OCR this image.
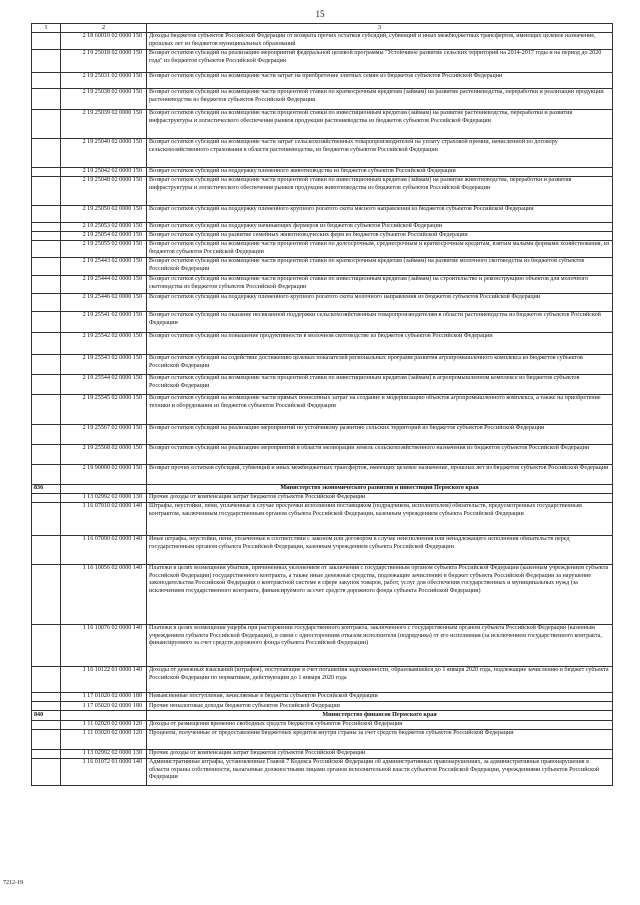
15
1	2	3
	2 18 60010 02 0000 150	Доходы бюджетов субъектов Российской Федерации от возврата прочих остатков субсидий, субвенций и иных межбюджетных трансфертов, имеющих целевое назначение, прошлых лет из бюджетов муниципальных образований
	2 19 25018 02 0000 150	Возврат остатков субсидий на реализацию мероприятий федеральной целевой программы "Устойчивое развитие сельских территорий на 2014-2017 годы и на период до 2020 года" из бюджетов субъектов Российской Федерации
	2 19 25031 02 0000 150	Возврат остатков субсидий на возмещение части затрат на приобретение элитных семян из бюджетов субъектов Российской Федерации
	2 19 25038 02 0000 150	Возврат остатков субсидий на возмещение части процентной ставки по краткосрочным кредитам (займам) на развитие растениеводства, переработки и реализации продукции растениеводства из бюджетов субъектов Российской Федерации
	2 19 25039 02 0000 150	Возврат остатков субсидий на возмещение части процентной ставки по инвестиционным кредитам (займам) на развитие растениеводства, переработки и развития инфраструктуры и логистического обеспечения рынков продукции растениеводства из бюджетов субъектов Российской Федерации
	2 19 25040 02 0000 150	Возврат остатков субсидий на возмещение части затрат сельскохозяйственных товаропроизводителей на уплату страховой премии, начисленной по договору сельскохозяйственного страхования в области растениеводства, из бюджетов субъектов Российской Федерации
	2 19 25042 02 0000 150	Возврат остатков субсидий на поддержку племенного животноводства из бюджетов субъектов Российской Федерации
	2 19 25048 02 0000 150	Возврат остатков субсидий на возмещение части процентной ставки по инвестиционным кредитам (займам) на развитие животноводства, переработки и развития инфраструктуры и логистического обеспечения рынков продукции животноводства из бюджетов субъектов Российской Федерации
	2 19 25050 02 0000 150	Возврат остатков субсидий на поддержку племенного крупного рогатого скота мясного направления из бюджетов субъектов Российской Федерации
	2 19 25053 02 0000 150	Возврат остатков субсидий на поддержку начинающих фермеров из бюджетов субъектов Российской Федерации
	2 19 25054 02 0000 150	Возврат остатков субсидий на развитие семейных животноводческих ферм из бюджетов субъектов Российской Федерации
	2 19 25055 02 0000 150	Возврат остатков субсидий на возмещение части процентной ставки по долгосрочным, среднесрочным и краткосрочным кредитам, взятым малыми формами хозяйствования, из бюджетов субъектов Российской Федерации
	2 19 25443 02 0000 150	Возврат остатков субсидий на возмещение части процентной ставки по краткосрочным кредитам (займам) на развитие молочного скотоводства из бюджетов субъектов Российской Федерации
	2 19 25444 02 0000 150	Возврат остатков субсидий на возмещение части процентной ставки по инвестиционным кредитам (займам) на строительство и реконструкцию объектов для молочного скотоводства из бюджетов субъектов Российской Федерации
	2 19 25446 02 0000 150	Возврат остатков субсидий на поддержку племенного крупного рогатого скота молочного направления из бюджетов субъектов Российской Федерации
	2 19 25541 02 0000 150	Возврат остатков субсидий на оказание несвязанной поддержки сельскохозяйственным товаропроизводителям в области растениеводства из бюджетов субъектов Российской Федерации
	2 19 25542 02 0000 150	Возврат остатков субсидий на повышение продуктивности в молочном скотоводстве из бюджетов субъектов Российской Федерации
	2 19 25543 02 0000 150	Возврат остатков субсидий на содействие достижению целевых показателей региональных программ развития агропромышленного комплекса из бюджетов субъектов Российской Федерации
	2 19 25544 02 0000 150	Возврат остатков субсидий на возмещение части процентной ставки по инвестиционным кредитам (займам) в агропромышленном комплексе из бюджетов субъектов Российской Федерации
	2 19 25545 02 0000 150	Возврат остатков субсидий на возмещение части прямых понесенных затрат на создание и модернизацию объектов агропромышленного комплекса, а также на приобретение техники и оборудования из бюджетов субъектов Российской Федерации
	2 19 25567 02 0000 150	Возврат остатков субсидий на реализацию мероприятий по устойчивому развитию сельских территорий из бюджетов субъектов Российской Федерации
	2 19 25568 02 0000 150	Возврат остатков субсидий на реализацию мероприятий в области мелиорации земель сельскохозяйственного назначения из бюджетов субъектов Российской Федерации
	2 19 90000 02 0000 150	Возврат прочих остатков субсидий, субвенций и иных межбюджетных трансфертов, имеющих целевое назначение, прошлых лет из бюджетов субъектов Российской Федерации
836		Министерство экономического развития и инвестиций Пермского края
	1 13 02992 02 0000 130	Прочие доходы от компенсации затрат бюджетов субъектов Российской Федерации
	1 16 07010 02 0000 140	Штрафы, неустойки, пени, уплаченные в случае просрочки исполнения поставщиком (подрядчиком, исполнителем) обязательств, предусмотренных государственным контрактом, заключенным государственным органом субъекта Российской Федерации, казенным учреждением субъекта Российской Федерации
	1 16 07090 02 0000 140	Иные штрафы, неустойки, пени, уплаченные в соответствии с законом или договором в случае неисполнения или ненадлежащего исполнения обязательств перед государственным органом субъекта Российской Федерации, казенным учреждением субъекта Российской Федерации
	1 16 10056 02 0000 140	Платежи в целях возмещения убытков, причиненных уклонением от заключения с государственным органом субъекта Российской Федерации (казенным учреждением субъекта Российской Федерации) государственного контракта, а также иные денежные средства, подлежащие зачислению в бюджет субъекта Российской Федерации за нарушение законодательства Российской Федерации о контрактной системе в сфере закупок товаров, работ, услуг для обеспечения государственных и муниципальных нужд (за исключением государственного контракта, финансируемого за счет средств дорожного фонда субъекта Российской Федерации)
	1 16 10076 02 0000 140	Платежи в целях возмещения ущерба при расторжении государственного контракта, заключенного с государственным органом субъекта Российской Федерации (казенным учреждением субъекта Российской Федерации), в связи с односторонним отказом исполнителя (подрядчика) от его исполнения (за исключением государственного контракта, финансируемого за счет средств дорожного фонда субъекта Российской Федерации)
	1 16 10122 01 0000 140	Доходы от денежных взысканий (штрафов), поступающие в счет погашения задолженности, образовавшейся до 1 января 2020 года, подлежащие зачислению в бюджет субъекта Российской Федерации по нормативам, действующим до 1 января 2020 года
	1 17 01020 02 0000 180	Невыясненные поступления, зачисляемые в бюджеты субъектов Российской Федерации
	1 17 05020 02 0000 180	Прочие неналоговые доходы бюджетов субъектов Российской Федерации
840		Министерство финансов Пермского края
	1 11 02020 02 0000 120	Доходы от размещения временно свободных средств бюджетов субъектов Российской Федерации
	1 11 03020 02 0000 120	Проценты, полученные от предоставления бюджетных кредитов внутри страны за счет средств бюджетов субъектов Российской Федерации
	1 13 02992 02 0000 130	Прочие доходы от компенсации затрат бюджетов субъектов Российской Федерации
	1 16 01072 01 0000 140	Административные штрафы, установленные Главой 7 Кодекса Российской Федерации об административных правонарушениях, за административные правонарушения в области охраны собственности, налагаемые должностными лицами органов исполнительной власти субъектов Российской Федерации, учреждениями субъектов Российской Федерации
7212-19
